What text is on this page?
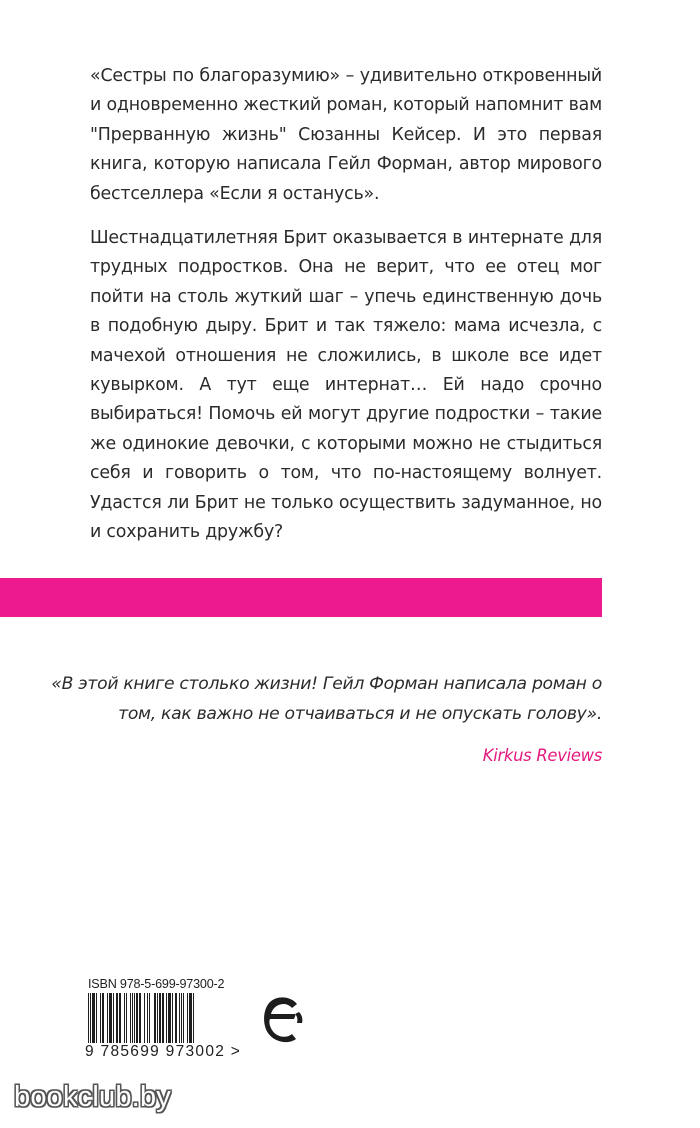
«Сестры по благоразумию» – удивительно откровенный и одновременно жесткий роман, который напомнит вам "Прерванную жизнь" Сюзанны Кейсер. И это первая книга, которую написала Гейл Форман, автор мирового бестселлера «Если я останусь».

Шестнадцатилетняя Брит оказывается в интернате для трудных подростков. Она не верит, что ее отец мог пойти на столь жуткий шаг – упечь единственную дочь в подобную дыру. Брит и так тяжело: мама исчезла, с мачехой отношения не сложились, в школе все идет кувырком. А тут еще интернат… Ей надо срочно выбираться! Помочь ей могут другие подростки – такие же одинокие девочки, с которыми можно не стыдиться себя и говорить о том, что по-настоящему волнует. Удастся ли Брит не только осуществить задуманное, но и сохранить дружбу?

«В этой книге столько жизни! Гейл Форман написала роман о том, как важно не отчаиваться и не опускать голову».

Kirkus Reviews
ISBN 978-5-699-97300-2
9 785699 973002 >
bookclub.by
